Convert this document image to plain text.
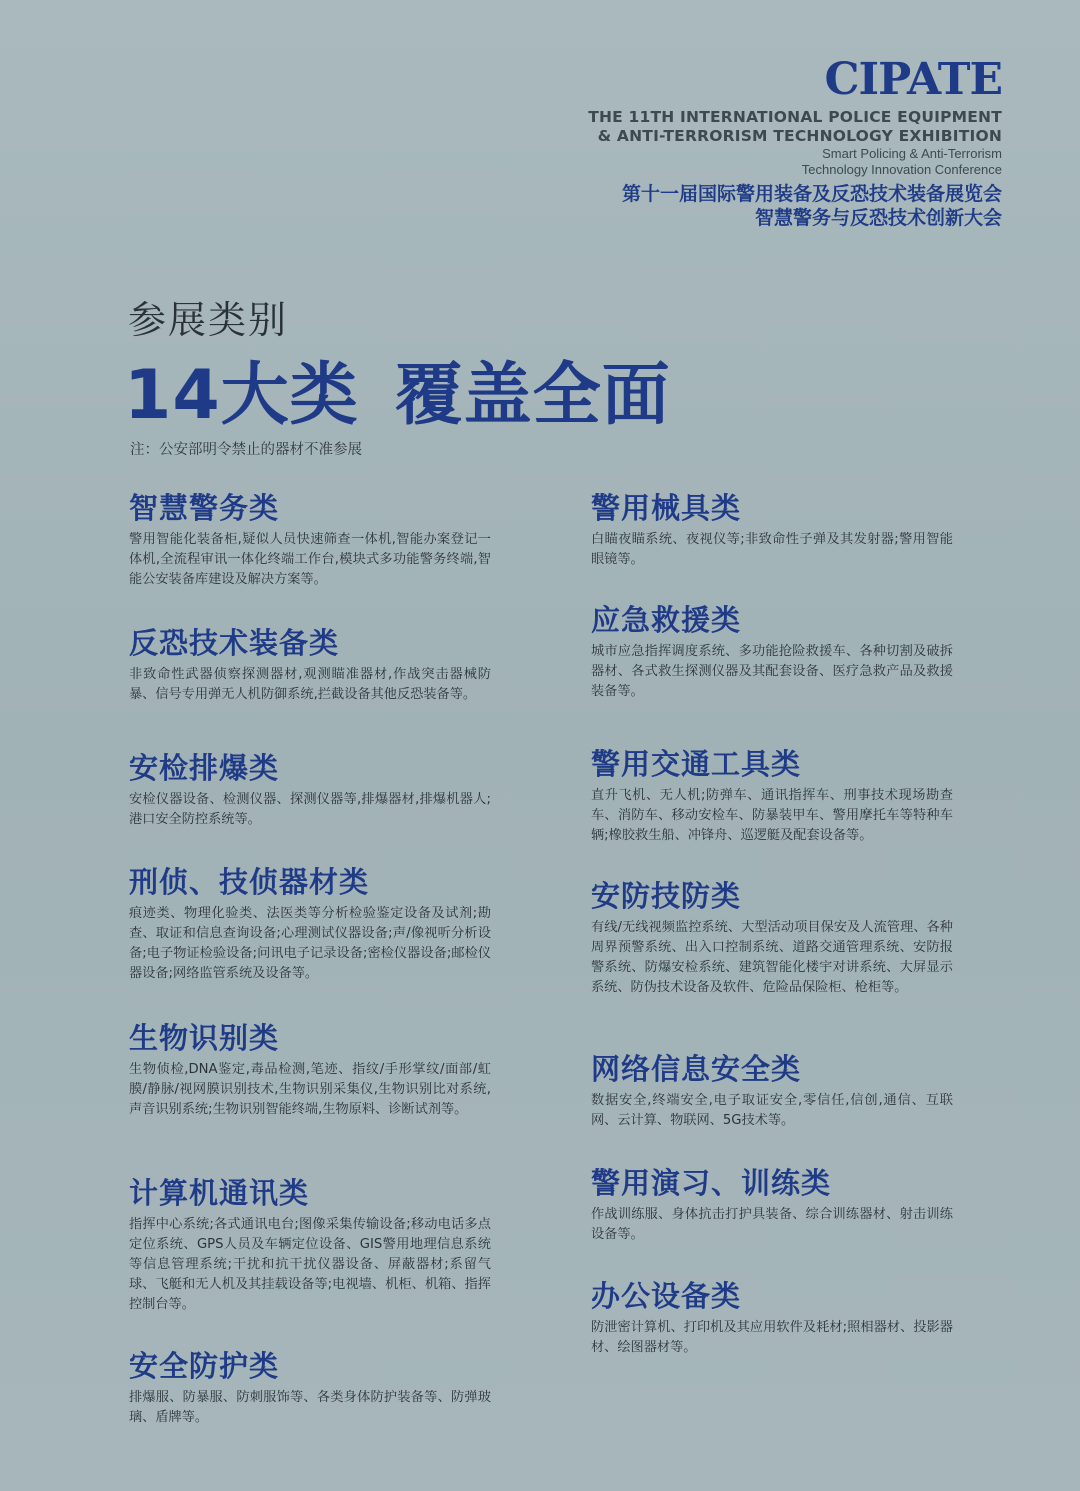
CIPATE
THE 11TH INTERNATIONAL POLICE EQUIPMENT
& ANTI-TERRORISM TECHNOLOGY EXHIBITION
Smart Policing & Anti-Terrorism
Technology Innovation Conference
第十一届国际警用装备及反恐技术装备展览会
智慧警务与反恐技术创新大会
参展类别
14大类 覆盖全面
注：公安部明令禁止的器材不准参展
智慧警务类

警用智能化装备柜,疑似人员快速筛查一体机,智能办案登记一体机,全流程审讯一体化终端工作台,模块式多功能警务终端,智能公安装备库建设及解决方案等。

反恐技术装备类

非致命性武器侦察探测器材,观测瞄准器材,作战突击器械防暴、信号专用弹无人机防御系统,拦截设备其他反恐装备等。

安检排爆类

安检仪器设备、检测仪器、探测仪器等,排爆器材,排爆机器人;港口安全防控系统等。

刑侦、技侦器材类

痕迹类、物理化验类、法医类等分析检验鉴定设备及试剂;勘查、取证和信息查询设备;心理测试仪器设备;声/像视听分析设备;电子物证检验设备;问讯电子记录设备;密检仪器设备;邮检仪器设备;网络监管系统及设备等。

生物识别类

生物侦检,DNA鉴定,毒品检测,笔迹、指纹/手形掌纹/面部/虹膜/静脉/视网膜识别技术,生物识别采集仪,生物识别比对系统,声音识别系统;生物识别智能终端,生物原料、诊断试剂等。

计算机通讯类

指挥中心系统;各式通讯电台;图像采集传输设备;移动电话多点定位系统、GPS人员及车辆定位设备、GIS警用地理信息系统等信息管理系统;干扰和抗干扰仪器设备、屏蔽器材;系留气球、飞艇和无人机及其挂载设备等;电视墙、机柜、机箱、指挥控制台等。

安全防护类

排爆服、防暴服、防刺服饰等、各类身体防护装备等、防弹玻璃、盾牌等。

警用械具类

白瞄夜瞄系统、夜视仪等;非致命性子弹及其发射器;警用智能眼镜等。

应急救援类

城市应急指挥调度系统、多功能抢险救援车、各种切割及破拆器材、各式救生探测仪器及其配套设备、医疗急救产品及救援装备等。

警用交通工具类

直升飞机、无人机;防弹车、通讯指挥车、刑事技术现场勘查车、消防车、移动安检车、防暴装甲车、警用摩托车等特种车辆;橡胶救生船、冲锋舟、巡逻艇及配套设备等。

安防技防类

有线/无线视频监控系统、大型活动项目保安及人流管理、各种周界预警系统、出入口控制系统、道路交通管理系统、安防报警系统、防爆安检系统、建筑智能化楼宇对讲系统、大屏显示系统、防伪技术设备及软件、危险品保险柜、枪柜等。

网络信息安全类

数据安全,终端安全,电子取证安全,零信任,信创,通信、互联网、云计算、物联网、5G技术等。

警用演习、训练类

作战训练服、身体抗击打护具装备、综合训练器材、射击训练设备等。

办公设备类

防泄密计算机、打印机及其应用软件及耗材;照相器材、投影器材、绘图器材等。
